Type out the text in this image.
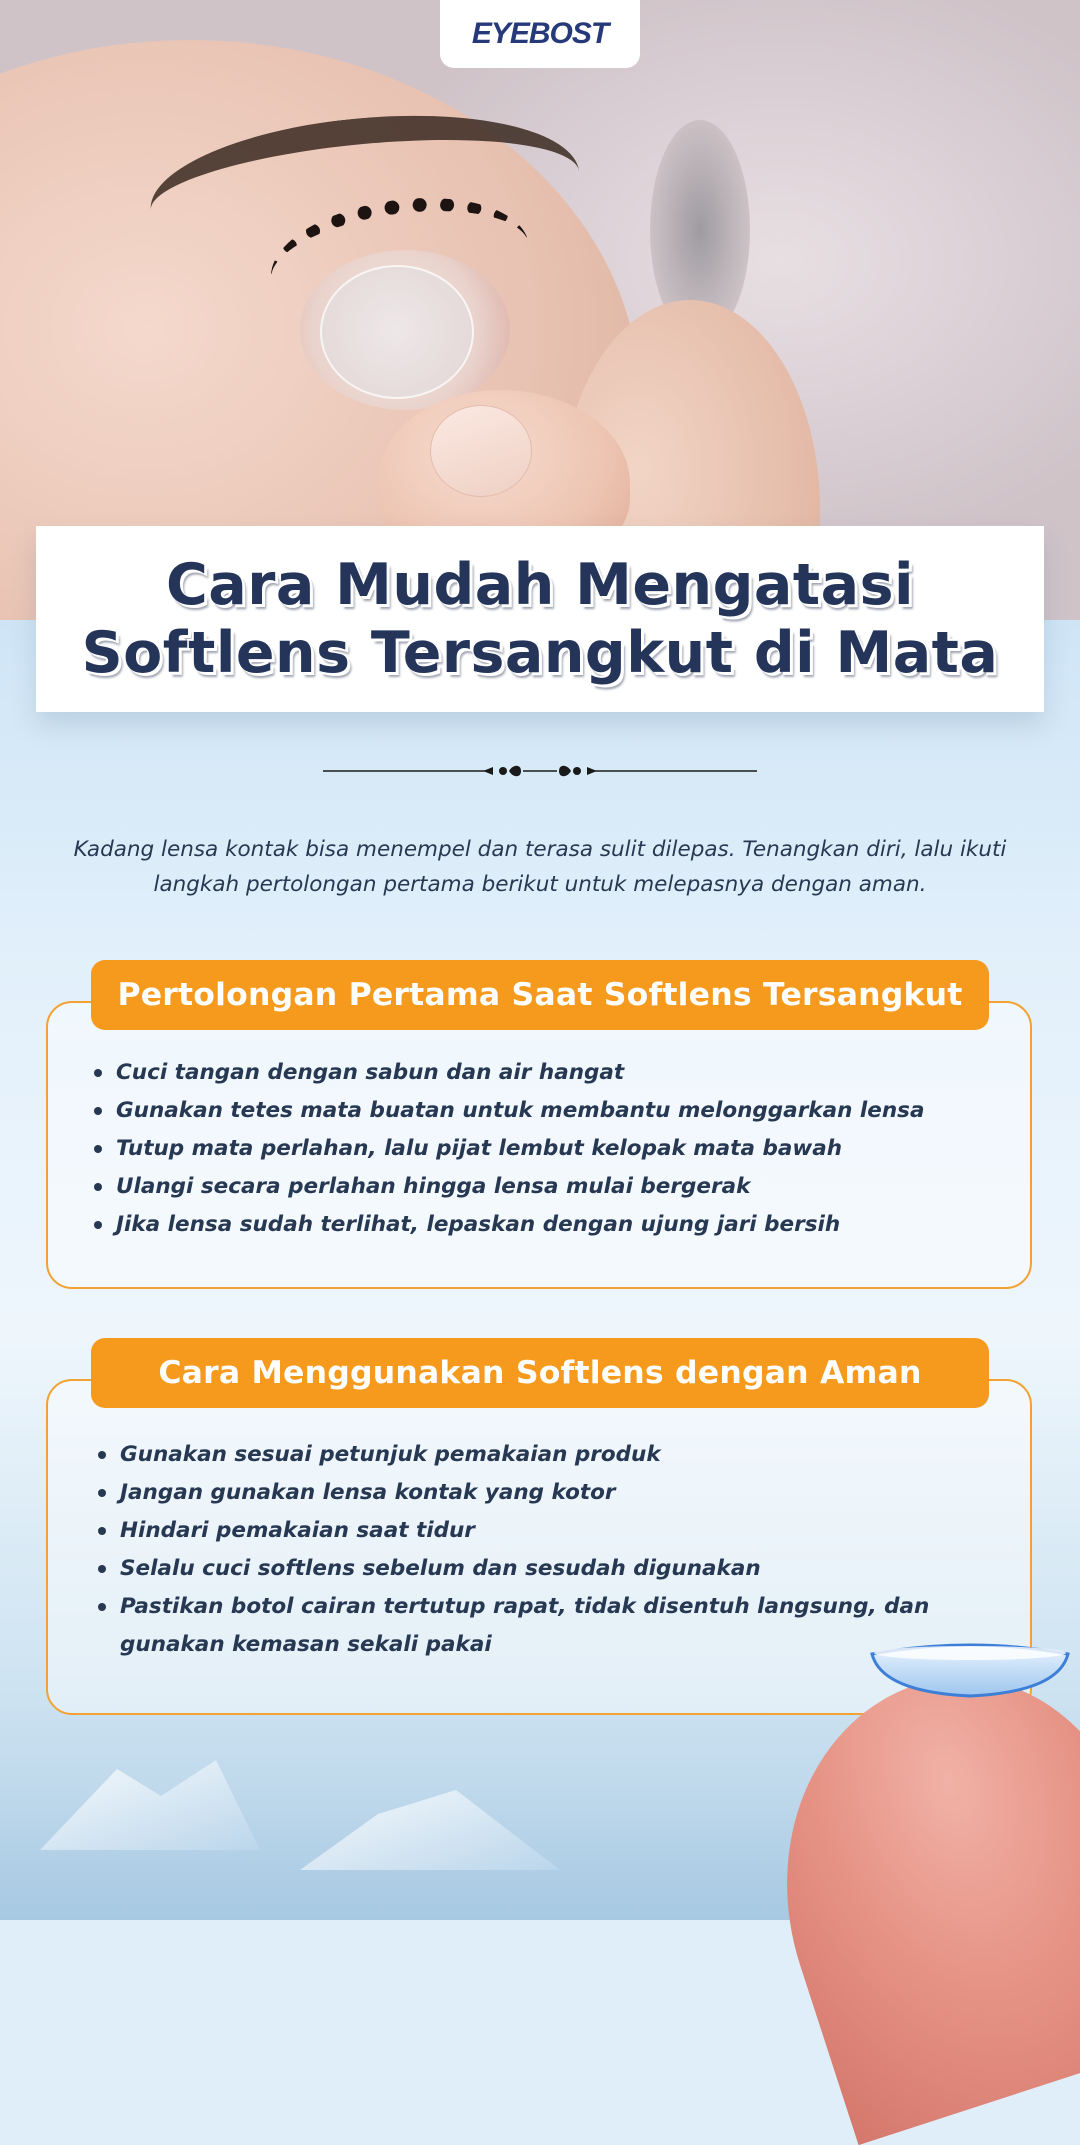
EYEBOST
Cara Mudah Mengatasi
Softlens Tersangkut di Mata
Kadang lensa kontak bisa menempel dan terasa sulit dilepas. Tenangkan diri, lalu ikuti langkah pertolongan pertama berikut untuk melepasnya dengan aman.
Pertolongan Pertama Saat Softlens Tersangkut
Cuci tangan dengan sabun dan air hangat
Gunakan tetes mata buatan untuk membantu melonggarkan lensa
Tutup mata perlahan, lalu pijat lembut kelopak mata bawah
Ulangi secara perlahan hingga lensa mulai bergerak
Jika lensa sudah terlihat, lepaskan dengan ujung jari bersih
Cara Menggunakan Softlens dengan Aman
Gunakan sesuai petunjuk pemakaian produk
Jangan gunakan lensa kontak yang kotor
Hindari pemakaian saat tidur
Selalu cuci softlens sebelum dan sesudah digunakan
Pastikan botol cairan tertutup rapat, tidak disentuh langsung, dan gunakan kemasan sekali pakai
